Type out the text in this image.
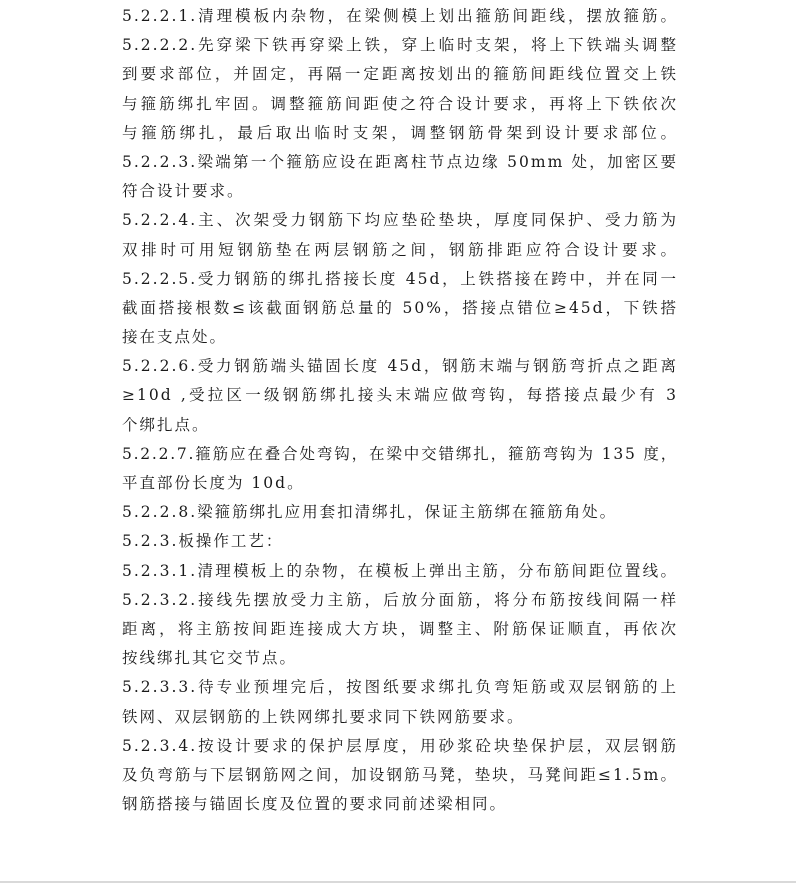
5.2.2.1.清理模板内杂物，在梁侧模上划出箍筋间距线，摆放箍筋。
5.2.2.2.先穿梁下铁再穿梁上铁，穿上临时支架，将上下铁端头调整
到要求部位，并固定，再隔一定距离按划出的箍筋间距线位置交上铁
与箍筋绑扎牢固。调整箍筋间距使之符合设计要求，再将上下铁依次
与箍筋绑扎，最后取出临时支架，调整钢筋骨架到设计要求部位。
5.2.2.3.梁端第一个箍筋应设在距离柱节点边缘 50mm 处，加密区要
符合设计要求。
5.2.2.4.主、次架受力钢筋下均应垫砼垫块，厚度同保护、受力筋为
双排时可用短钢筋垫在两层钢筋之间，钢筋排距应符合设计要求。
5.2.2.5.受力钢筋的绑扎搭接长度 45d，上铁搭接在跨中，并在同一
截面搭接根数≤该截面钢筋总量的 50%，搭接点错位≥45d，下铁搭
接在支点处。
5.2.2.6.受力钢筋端头锚固长度 45d，钢筋末端与钢筋弯折点之距离
≥10d ,受拉区一级钢筋绑扎接头末端应做弯钩，每搭接点最少有 3
个绑扎点。
5.2.2.7.箍筋应在叠合处弯钩，在梁中交错绑扎，箍筋弯钩为 135 度，
平直部份长度为 10d。
5.2.2.8.梁箍筋绑扎应用套扣清绑扎，保证主筋绑在箍筋角处。
5.2.3.板操作工艺：
5.2.3.1.清理模板上的杂物，在模板上弹出主筋，分布筋间距位置线。
5.2.3.2.接线先摆放受力主筋，后放分面筋，将分布筋按线间隔一样
距离，将主筋按间距连接成大方块，调整主、附筋保证顺直，再依次
按线绑扎其它交节点。
5.2.3.3.待专业预埋完后，按图纸要求绑扎负弯矩筋或双层钢筋的上
铁网、双层钢筋的上铁网绑扎要求同下铁网筋要求。
5.2.3.4.按设计要求的保护层厚度，用砂浆砼块垫保护层，双层钢筋
及负弯筋与下层钢筋网之间，加设钢筋马凳，垫块，马凳间距≤1.5m。
钢筋搭接与锚固长度及位置的要求同前述梁相同。
